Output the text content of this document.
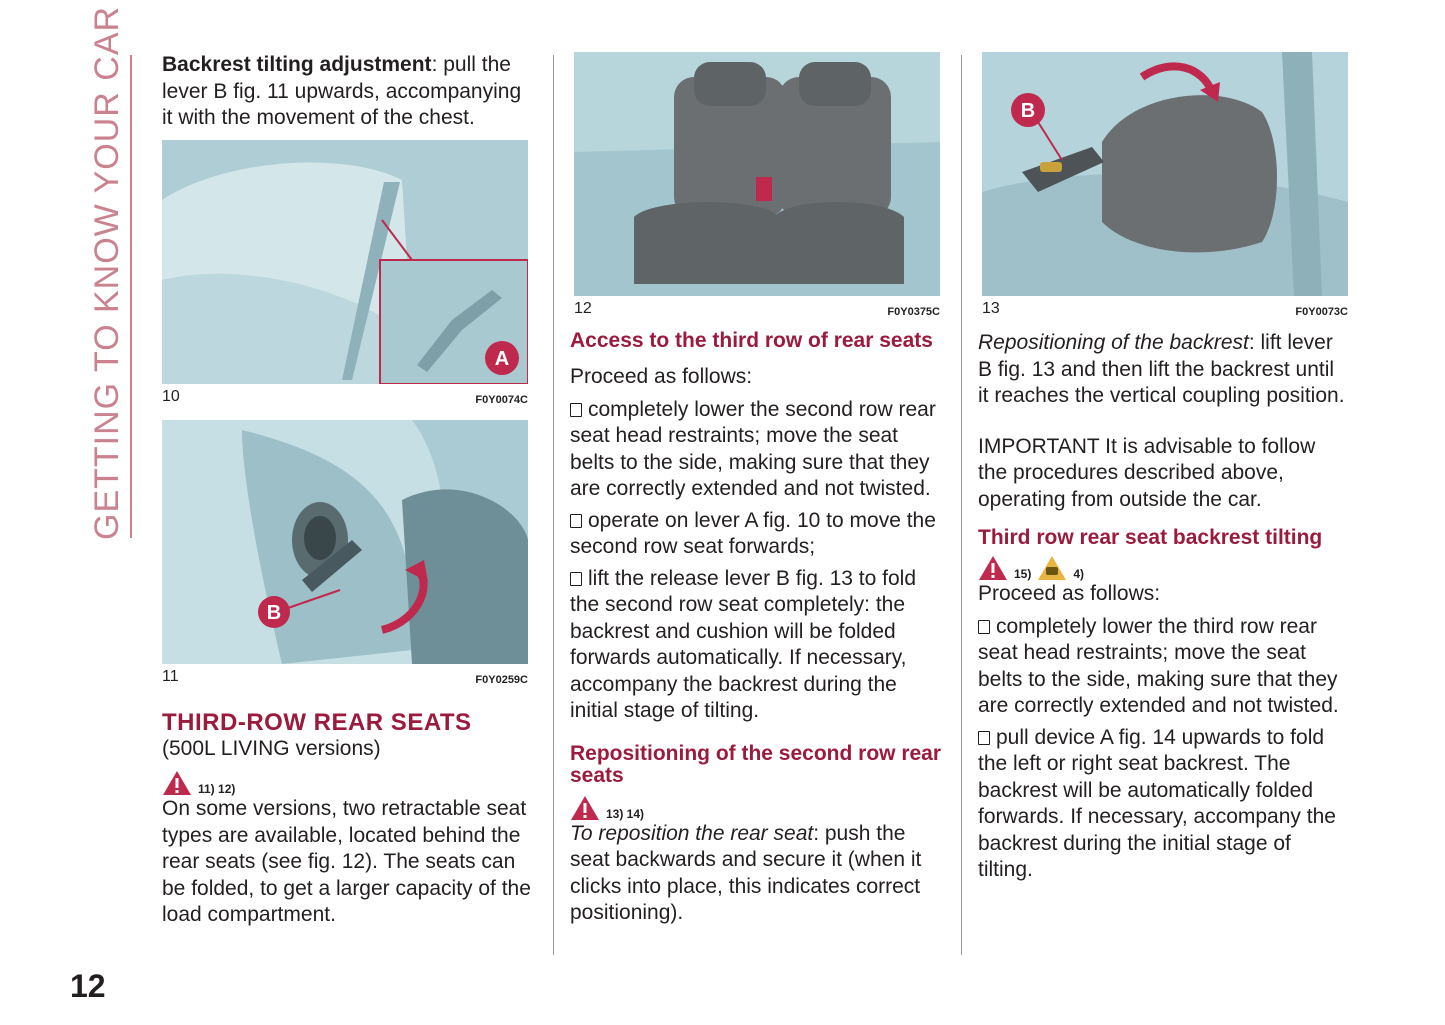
GETTING TO KNOW YOUR CAR
12

Backrest tilting adjustment: pull the lever B fig. 11 upwards, accompanying it with the movement of the chest.

A
10	F0Y0074C
B
11	F0Y0259C
THIRD-ROW REAR SEATS

(500L LIVING versions)

11) 12)

On some versions, two retractable seat types are available, located behind the rear seats (see fig. 12). The seats can be folded, to get a larger capacity of the load compartment.

12	F0Y0375C
Access to the third row of rear seats

Proceed as follows:

completely lower the second row rear seat head restraints; move the seat belts to the side, making sure that they are correctly extended and not twisted.

operate on lever A fig. 10 to move the second row seat forwards;

lift the release lever B fig. 13 to fold the second row seat completely: the backrest and cushion will be folded forwards automatically. If necessary, accompany the backrest during the initial stage of tilting.

Repositioning of the second row rear seats
13) 14)

To reposition the rear seat: push the seat backwards and secure it (when it clicks into place, this indicates correct positioning).

B
13	F0Y0073C

Repositioning of the backrest: lift lever B fig. 13 and then lift the backrest until it reaches the vertical coupling position.

IMPORTANT It is advisable to follow the procedures described above, operating from outside the car.

Third row rear seat backrest tilting
15)	4)

Proceed as follows:

completely lower the third row rear seat head restraints; move the seat belts to the side, making sure that they are correctly extended and not twisted.

pull device A fig. 14 upwards to fold the left or right seat backrest. The backrest will be automatically folded forwards. If necessary, accompany the backrest during the initial stage of tilting.
